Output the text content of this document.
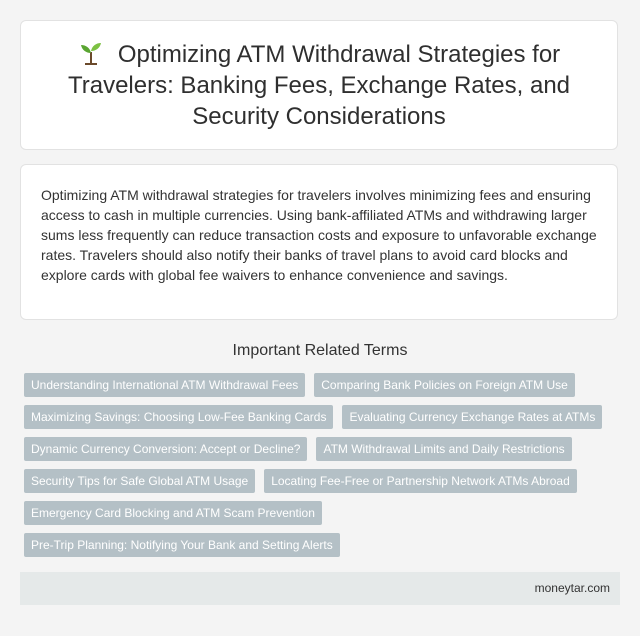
Optimizing ATM Withdrawal Strategies for Travelers: Banking Fees, Exchange Rates, and Security Considerations

Optimizing ATM withdrawal strategies for travelers involves minimizing fees and ensuring access to cash in multiple currencies. Using bank-affiliated ATMs and withdrawing larger sums less frequently can reduce transaction costs and exposure to unfavorable exchange rates. Travelers should also notify their banks of travel plans to avoid card blocks and explore cards with global fee waivers to enhance convenience and savings.

Important Related Terms
Understanding International ATM Withdrawal Fees	Comparing Bank Policies on Foreign ATM Use
Maximizing Savings: Choosing Low-Fee Banking Cards	Evaluating Currency Exchange Rates at ATMs
Dynamic Currency Conversion: Accept or Decline?	ATM Withdrawal Limits and Daily Restrictions
Security Tips for Safe Global ATM Usage	Locating Fee-Free or Partnership Network ATMs Abroad
Emergency Card Blocking and ATM Scam Prevention
Pre-Trip Planning: Notifying Your Bank and Setting Alerts
moneytar.com
